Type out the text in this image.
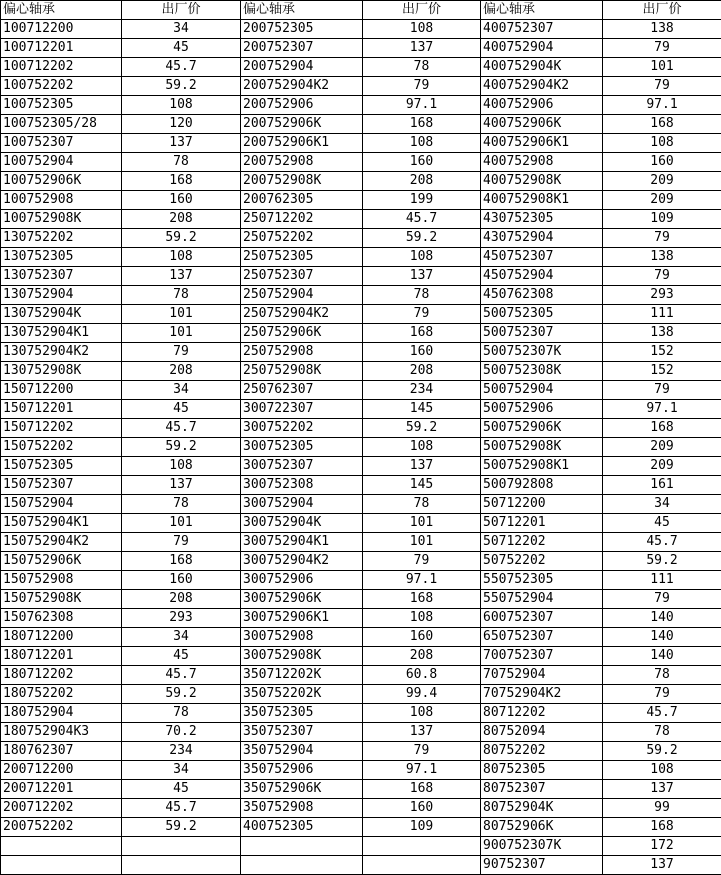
偏心轴承	出厂价	偏心轴承	出厂价	偏心轴承	出厂价
100712200	34	200752305	108	400752307	138
100712201	45	200752307	137	400752904	79
100712202	45.7	200752904	78	400752904K	101
100752202	59.2	200752904K2	79	400752904K2	79
100752305	108	200752906	97.1	400752906	97.1
100752305/28	120	200752906K	168	400752906K	168
100752307	137	200752906K1	108	400752906K1	108
100752904	78	200752908	160	400752908	160
100752906K	168	200752908K	208	400752908K	209
100752908	160	200762305	199	400752908K1	209
100752908K	208	250712202	45.7	430752305	109
130752202	59.2	250752202	59.2	430752904	79
130752305	108	250752305	108	450752307	138
130752307	137	250752307	137	450752904	79
130752904	78	250752904	78	450762308	293
130752904K	101	250752904K2	79	500752305	111
130752904K1	101	250752906K	168	500752307	138
130752904K2	79	250752908	160	500752307K	152
130752908K	208	250752908K	208	500752308K	152
150712200	34	250762307	234	500752904	79
150712201	45	300722307	145	500752906	97.1
150712202	45.7	300752202	59.2	500752906K	168
150752202	59.2	300752305	108	500752908K	209
150752305	108	300752307	137	500752908K1	209
150752307	137	300752308	145	500792808	161
150752904	78	300752904	78	50712200	34
150752904K1	101	300752904K	101	50712201	45
150752904K2	79	300752904K1	101	50712202	45.7
150752906K	168	300752904K2	79	50752202	59.2
150752908	160	300752906	97.1	550752305	111
150752908K	208	300752906K	168	550752904	79
150762308	293	300752906K1	108	600752307	140
180712200	34	300752908	160	650752307	140
180712201	45	300752908K	208	700752307	140
180712202	45.7	350712202K	60.8	70752904	78
180752202	59.2	350752202K	99.4	70752904K2	79
180752904	78	350752305	108	80712202	45.7
180752904K3	70.2	350752307	137	80752094	78
180762307	234	350752904	79	80752202	59.2
200712200	34	350752906	97.1	80752305	108
200712201	45	350752906K	168	80752307	137
200712202	45.7	350752908	160	80752904K	99
200752202	59.2	400752305	109	80752906K	168
				900752307K	172
				90752307	137
